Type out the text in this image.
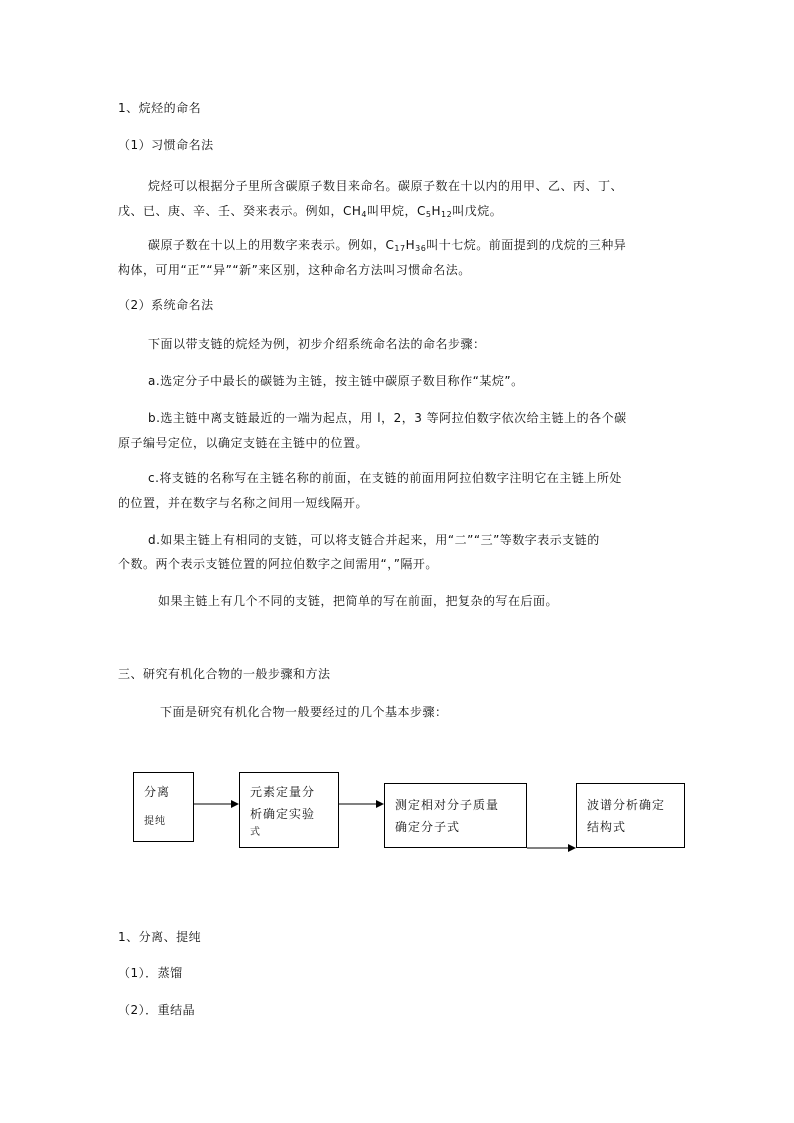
1、烷烃的命名
（1）习惯命名法
烷烃可以根据分子里所含碳原子数目来命名。碳原子数在十以内的用甲、乙、丙、丁、
戊、已、庚、辛、壬、癸来表示。例如，$CH_4$叫甲烷，$C_5H_{12}$叫戊烷。
碳原子数在十以上的用数字来表示。例如，$C_{17}H_{36}$叫十七烷。前面提到的戊烷的三种异
构体，可用“正”“异”“新”来区别，这种命名方法叫习惯命名法。
（2）系统命名法
下面以带支链的烷烃为例，初步介绍系统命名法的命名步骤：
a.选定分子中最长的碳链为主链，按主链中碳原子数目称作“某烷”。
b.选主链中离支链最近的一端为起点，用 l，2，3 等阿拉伯数字依次给主链上的各个碳
原子编号定位，以确定支链在主链中的位置。
c.将支链的名称写在主链名称的前面，在支链的前面用阿拉伯数字注明它在主链上所处
的位置，并在数字与名称之间用一短线隔开。
d.如果主链上有相同的支链，可以将支链合并起来，用“二”“三”等数字表示支链的
个数。两个表示支链位置的阿拉伯数字之间需用“，”隔开。
如果主链上有几个不同的支链，把简单的写在前面，把复杂的写在后面。
三、研究有机化合物的一般步骤和方法
下面是研究有机化合物一般要经过的几个基本步骤：
分离
提纯
元素定量分
析确定实验
式
测定相对分子质量
确定分子式
波谱分析确定
结构式
1、分离、提纯
（1）．蒸馏
（2）．重结晶
